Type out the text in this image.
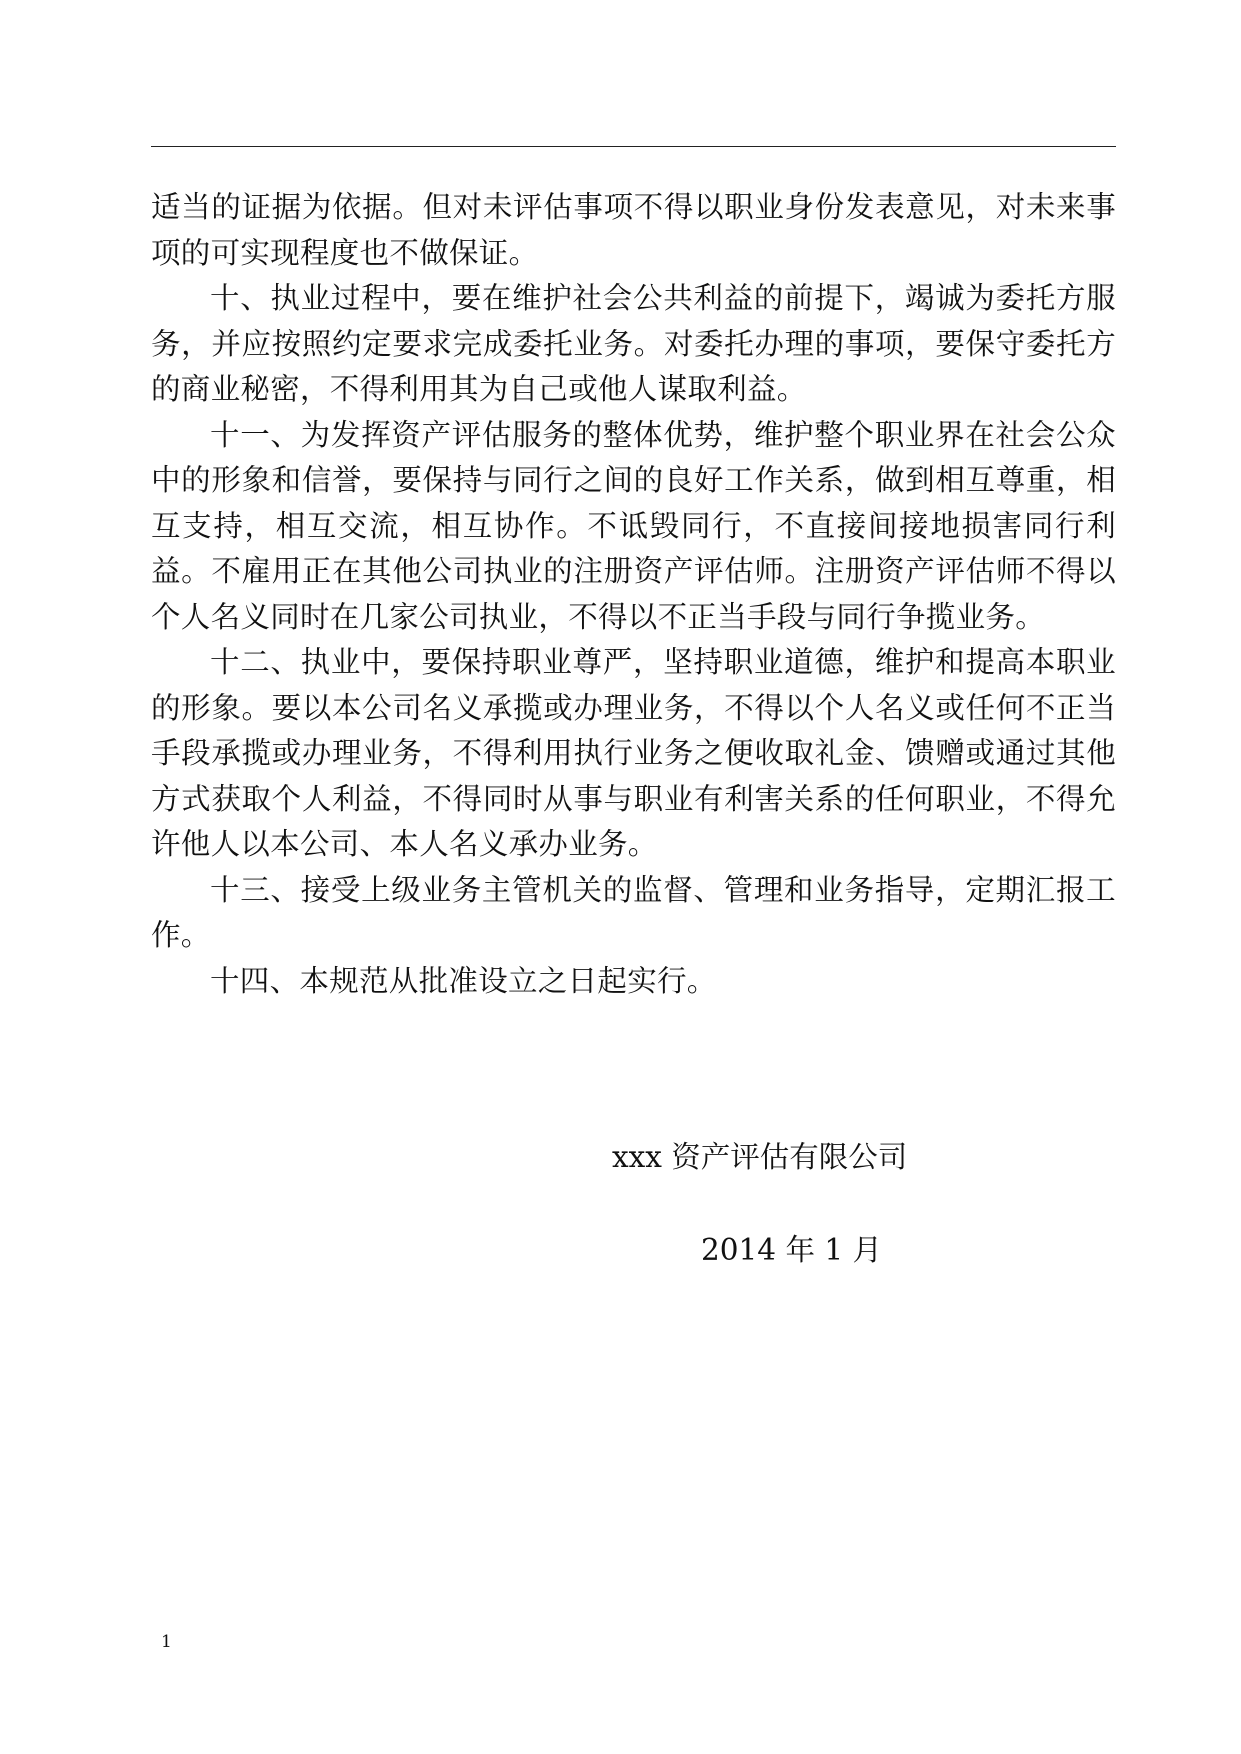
适当的证据为依据。但对未评估事项不得以职业身份发表意见，对未来事项的可实现程度也不做保证。

十、执业过程中，要在维护社会公共利益的前提下，竭诚为委托方服务，并应按照约定要求完成委托业务。对委托办理的事项，要保守委托方的商业秘密，不得利用其为自己或他人谋取利益。

十一、为发挥资产评估服务的整体优势，维护整个职业界在社会公众中的形象和信誉，要保持与同行之间的良好工作关系，做到相互尊重，相互支持，相互交流，相互协作。不诋毁同行，不直接间接地损害同行利益。不雇用正在其他公司执业的注册资产评估师。注册资产评估师不得以个人名义同时在几家公司执业，不得以不正当手段与同行争揽业务。

十二、执业中，要保持职业尊严，坚持职业道德，维护和提高本职业的形象。要以本公司名义承揽或办理业务，不得以个人名义或任何不正当手段承揽或办理业务，不得利用执行业务之便收取礼金、馈赠或通过其他方式获取个人利益，不得同时从事与职业有利害关系的任何职业，不得允许他人以本公司、本人名义承办业务。

十三、接受上级业务主管机关的监督、管理和业务指导，定期汇报工作。

十四、本规范从批准设立之日起实行。

xxx 资产评估有限公司
2014 年 1 月
1
